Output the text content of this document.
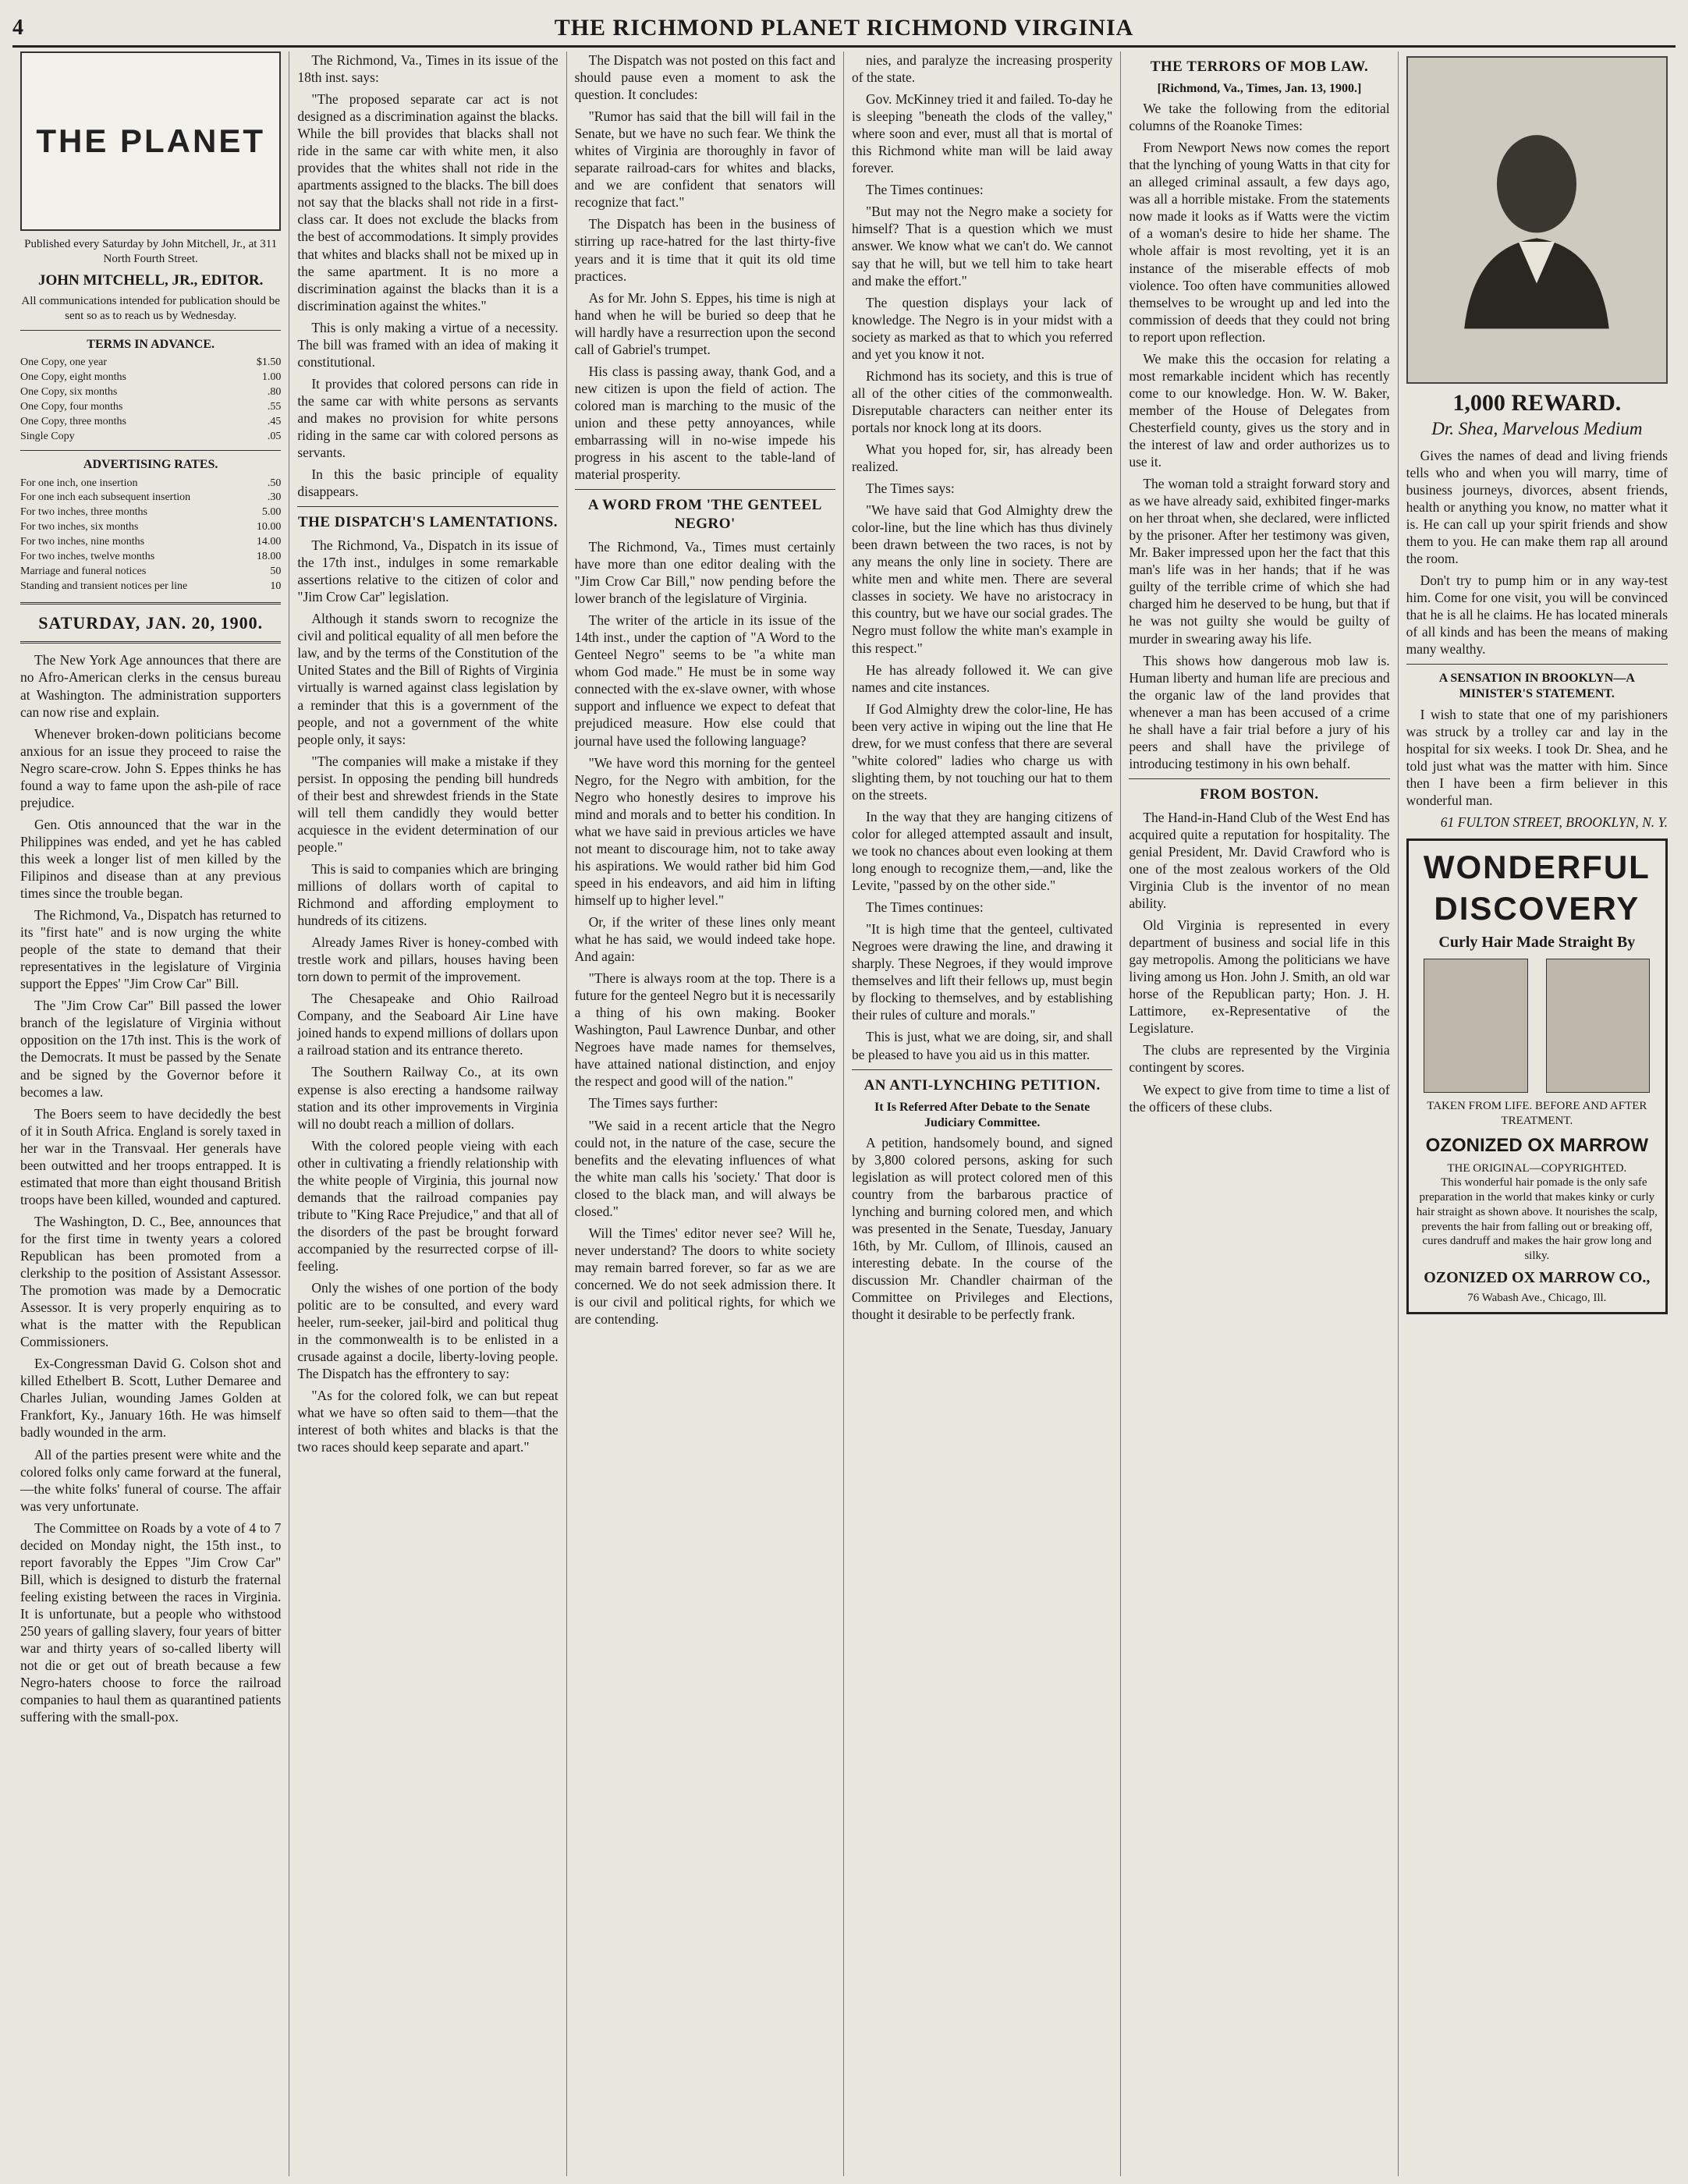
4	THE RICHMOND PLANET RICHMOND VIRGINIA
THE PLANET

Published every Saturday by John Mitchell, Jr., at 311 North Fourth Street.

JOHN MITCHELL, JR., EDITOR.

All communications intended for publication should be sent so as to reach us by Wednesday.

TERMS IN ADVANCE.
One Copy, one year	$1.50
One Copy, eight months	1.00
One Copy, six months	.80
One Copy, four months	.55
One Copy, three months	.45
Single Copy	.05
ADVERTISING RATES.
For one inch, one insertion	.50
For one inch each subsequent insertion	.30
For two inches, three months	5.00
For two inches, six months	10.00
For two inches, nine months	14.00
For two inches, twelve months	18.00
Marriage and funeral notices	50
Standing and transient notices per line	10
SATURDAY, JAN. 20, 1900.

The New York Age announces that there are no Afro-American clerks in the census bureau at Washington. The administration supporters can now rise and explain.

Whenever broken-down politicians become anxious for an issue they proceed to raise the Negro scare-crow. John S. Eppes thinks he has found a way to fame upon the ash-pile of race prejudice.

Gen. Otis announced that the war in the Philippines was ended, and yet he has cabled this week a longer list of men killed by the Filipinos and disease than at any previous times since the trouble began.

The Richmond, Va., Dispatch has returned to its "first hate" and is now urging the white people of the state to demand that their representatives in the legislature of Virginia support the Eppes' "Jim Crow Car" Bill.

The "Jim Crow Car" Bill passed the lower branch of the legislature of Virginia without opposition on the 17th inst. This is the work of the Democrats. It must be passed by the Senate and be signed by the Governor before it becomes a law.

The Boers seem to have decidedly the best of it in South Africa. England is sorely taxed in her war in the Transvaal. Her generals have been outwitted and her troops entrapped. It is estimated that more than eight thousand British troops have been killed, wounded and captured.

The Washington, D. C., Bee, announces that for the first time in twenty years a colored Republican has been promoted from a clerkship to the position of Assistant Assessor. The promotion was made by a Democratic Assessor. It is very properly enquiring as to what is the matter with the Republican Commissioners.

Ex-Congressman David G. Colson shot and killed Ethelbert B. Scott, Luther Demaree and Charles Julian, wounding James Golden at Frankfort, Ky., January 16th. He was himself badly wounded in the arm.

All of the parties present were white and the colored folks only came forward at the funeral,—the white folks' funeral of course. The affair was very unfortunate.

The Committee on Roads by a vote of 4 to 7 decided on Monday night, the 15th inst., to report favorably the Eppes "Jim Crow Car" Bill, which is designed to disturb the fraternal feeling existing between the races in Virginia. It is unfortunate, but a people who withstood 250 years of galling slavery, four years of bitter war and thirty years of so-called liberty will not die or get out of breath because a few Negro-haters choose to force the railroad companies to haul them as quarantined patients suffering with the small-pox.

The Richmond, Va., Times in its issue of the 18th inst. says:

"The proposed separate car act is not designed as a discrimination against the blacks. While the bill provides that blacks shall not ride in the same car with white men, it also provides that the whites shall not ride in the apartments assigned to the blacks. The bill does not say that the blacks shall not ride in a first-class car. It does not exclude the blacks from the best of accommodations. It simply provides that whites and blacks shall not be mixed up in the same apartment. It is no more a discrimination against the blacks than it is a discrimination against the whites."

This is only making a virtue of a necessity. The bill was framed with an idea of making it constitutional.

It provides that colored persons can ride in the same car with white persons as servants and makes no provision for white persons riding in the same car with colored persons as servants.

In this the basic principle of equality disappears.

THE DISPATCH'S LAMENTATIONS.

The Richmond, Va., Dispatch in its issue of the 17th inst., indulges in some remarkable assertions relative to the citizen of color and "Jim Crow Car" legislation.

Although it stands sworn to recognize the civil and political equality of all men before the law, and by the terms of the Constitution of the United States and the Bill of Rights of Virginia virtually is warned against class legislation by a reminder that this is a government of the people, and not a government of the white people only, it says:

"The companies will make a mistake if they persist. In opposing the pending bill hundreds of their best and shrewdest friends in the State will tell them candidly they would better acquiesce in the evident determination of our people."

This is said to companies which are bringing millions of dollars worth of capital to Richmond and affording employment to hundreds of its citizens.

Already James River is honey-combed with trestle work and pillars, houses having been torn down to permit of the improvement.

The Chesapeake and Ohio Railroad Company, and the Seaboard Air Line have joined hands to expend millions of dollars upon a railroad station and its entrance thereto.

The Southern Railway Co., at its own expense is also erecting a handsome railway station and its other improvements in Virginia will no doubt reach a million of dollars.

With the colored people vieing with each other in cultivating a friendly relationship with the white people of Virginia, this journal now demands that the railroad companies pay tribute to "King Race Prejudice," and that all of the disorders of the past be brought forward accompanied by the resurrected corpse of ill-feeling.

Only the wishes of one portion of the body politic are to be consulted, and every ward heeler, rum-seeker, jail-bird and political thug in the commonwealth is to be enlisted in a crusade against a docile, liberty-loving people. The Dispatch has the effrontery to say:

"As for the colored folk, we can but repeat what we have so often said to them—that the interest of both whites and blacks is that the two races should keep separate and apart."

The Dispatch was not posted on this fact and should pause even a moment to ask the question. It concludes:

"Rumor has said that the bill will fail in the Senate, but we have no such fear. We think the whites of Virginia are thoroughly in favor of separate railroad-cars for whites and blacks, and we are confident that senators will recognize that fact."

The Dispatch has been in the business of stirring up race-hatred for the last thirty-five years and it is time that it quit its old time practices.

As for Mr. John S. Eppes, his time is nigh at hand when he will be buried so deep that he will hardly have a resurrection upon the second call of Gabriel's trumpet.

His class is passing away, thank God, and a new citizen is upon the field of action. The colored man is marching to the music of the union and these petty annoyances, while embarrassing will in no-wise impede his progress in his ascent to the table-land of material prosperity.

A WORD FROM 'THE GENTEEL NEGRO'

The Richmond, Va., Times must certainly have more than one editor dealing with the "Jim Crow Car Bill," now pending before the lower branch of the legislature of Virginia.

The writer of the article in its issue of the 14th inst., under the caption of "A Word to the Genteel Negro" seems to be "a white man whom God made." He must be in some way connected with the ex-slave owner, with whose support and influence we expect to defeat that prejudiced measure. How else could that journal have used the following language?

"We have word this morning for the genteel Negro, for the Negro with ambition, for the Negro who honestly desires to improve his mind and morals and to better his condition. In what we have said in previous articles we have not meant to discourage him, not to take away his aspirations. We would rather bid him God speed in his endeavors, and aid him in lifting himself up to higher level."

Or, if the writer of these lines only meant what he has said, we would indeed take hope. And again:

"There is always room at the top. There is a future for the genteel Negro but it is necessarily a thing of his own making. Booker Washington, Paul Lawrence Dunbar, and other Negroes have made names for themselves, have attained national distinction, and enjoy the respect and good will of the nation."

The Times says further:

"We said in a recent article that the Negro could not, in the nature of the case, secure the benefits and the elevating influences of what the white man calls his 'society.' That door is closed to the black man, and will always be closed."

Will the Times' editor never see? Will he, never understand? The doors to white society may remain barred forever, so far as we are concerned. We do not seek admission there. It is our civil and political rights, for which we are contending.

nies, and paralyze the increasing prosperity of the state.

Gov. McKinney tried it and failed. To-day he is sleeping "beneath the clods of the valley," where soon and ever, must all that is mortal of this Richmond white man will be laid away forever.

The Times continues:

"But may not the Negro make a society for himself? That is a question which we must answer. We know what we can't do. We cannot say that he will, but we tell him to take heart and make the effort."

The question displays your lack of knowledge. The Negro is in your midst with a society as marked as that to which you referred and yet you know it not.

Richmond has its society, and this is true of all of the other cities of the commonwealth. Disreputable characters can neither enter its portals nor knock long at its doors.

What you hoped for, sir, has already been realized.

The Times says:

"We have said that God Almighty drew the color-line, but the line which has thus divinely been drawn between the two races, is not by any means the only line in society. There are white men and white men. There are several classes in society. We have no aristocracy in this country, but we have our social grades. The Negro must follow the white man's example in this respect."

He has already followed it. We can give names and cite instances.

If God Almighty drew the color-line, He has been very active in wiping out the line that He drew, for we must confess that there are several "white colored" ladies who charge us with slighting them, by not touching our hat to them on the streets.

In the way that they are hanging citizens of color for alleged attempted assault and insult, we took no chances about even looking at them long enough to recognize them,—and, like the Levite, "passed by on the other side."

The Times continues:

"It is high time that the genteel, cultivated Negroes were drawing the line, and drawing it sharply. These Negroes, if they would improve themselves and lift their fellows up, must begin by flocking to themselves, and by establishing their rules of culture and morals."

This is just, what we are doing, sir, and shall be pleased to have you aid us in this matter.

AN ANTI-LYNCHING PETITION.
It Is Referred After Debate to the Senate Judiciary Committee.

A petition, handsomely bound, and signed by 3,800 colored persons, asking for such legislation as will protect colored men of this country from the barbarous practice of lynching and burning colored men, and which was presented in the Senate, Tuesday, January 16th, by Mr. Cullom, of Illinois, caused an interesting debate. In the course of the discussion Mr. Chandler chairman of the Committee on Privileges and Elections, thought it desirable to be perfectly frank.

THE TERRORS OF MOB LAW.
[Richmond, Va., Times, Jan. 13, 1900.]

We take the following from the editorial columns of the Roanoke Times:

From Newport News now comes the report that the lynching of young Watts in that city for an alleged criminal assault, a few days ago, was all a horrible mistake. From the statements now made it looks as if Watts were the victim of a woman's desire to hide her shame. The whole affair is most revolting, yet it is an instance of the miserable effects of mob violence. Too often have communities allowed themselves to be wrought up and led into the commission of deeds that they could not bring to report upon reflection.

We make this the occasion for relating a most remarkable incident which has recently come to our knowledge. Hon. W. W. Baker, member of the House of Delegates from Chesterfield county, gives us the story and in the interest of law and order authorizes us to use it.

The woman told a straight forward story and as we have already said, exhibited finger-marks on her throat when, she declared, were inflicted by the prisoner. After her testimony was given, Mr. Baker impressed upon her the fact that this man's life was in her hands; that if he was guilty of the terrible crime of which she had charged him he deserved to be hung, but that if he was not guilty she would be guilty of murder in swearing away his life.

This shows how dangerous mob law is. Human liberty and human life are precious and the organic law of the land provides that whenever a man has been accused of a crime he shall have a fair trial before a jury of his peers and shall have the privilege of introducing testimony in his own behalf.

FROM BOSTON.

The Hand-in-Hand Club of the West End has acquired quite a reputation for hospitality. The genial President, Mr. David Crawford who is one of the most zealous workers of the Old Virginia Club is the inventor of no mean ability.

Old Virginia is represented in every department of business and social life in this gay metropolis. Among the politicians we have living among us Hon. John J. Smith, an old war horse of the Republican party; Hon. J. H. Lattimore, ex-Representative of the Legislature.

The clubs are represented by the Virginia contingent by scores.

We expect to give from time to time a list of the officers of these clubs.

1,000 REWARD.
Dr. Shea, Marvelous Medium

Gives the names of dead and living friends tells who and when you will marry, time of business journeys, divorces, absent friends, health or anything you know, no matter what it is. He can call up your spirit friends and show them to you. He can make them rap all around the room.

Don't try to pump him or in any way-test him. Come for one visit, you will be convinced that he is all he claims. He has located minerals of all kinds and has been the means of making many wealthy.

A SENSATION IN BROOKLYN—A MINISTER'S STATEMENT.

I wish to state that one of my parishioners was struck by a trolley car and lay in the hospital for six weeks. I took Dr. Shea, and he told just what was the matter with him. Since then I have been a firm believer in this wonderful man.

61 FULTON STREET, BROOKLYN, N. Y.

WONDERFUL DISCOVERY
Curly Hair Made Straight By
TAKEN FROM LIFE. BEFORE AND AFTER TREATMENT.
OZONIZED OX MARROW
THE ORIGINAL—COPYRIGHTED.

This wonderful hair pomade is the only safe preparation in the world that makes kinky or curly hair straight as shown above. It nourishes the scalp, prevents the hair from falling out or breaking off, cures dandruff and makes the hair grow long and silky.

OZONIZED OX MARROW CO.,
76 Wabash Ave., Chicago, Ill.
